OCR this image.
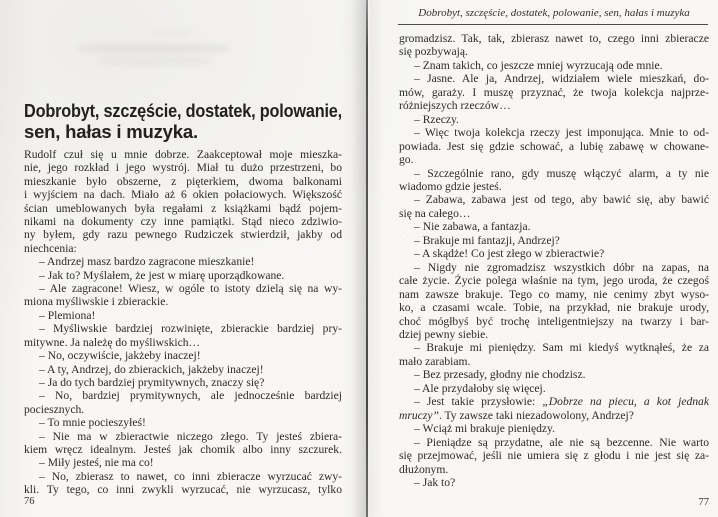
Dobrobyt, szczęście, dostatek, polowanie,
sen, hałas i muzyka.
Rudolf czuł się u mnie dobrze. Zaakceptował moje mieszka-
nie, jego rozkład i jego wystrój. Miał tu dużo przestrzeni, bo
mieszkanie było obszerne, z pięterkiem, dwoma balkonami
i wyjściem na dach. Miało aż 6 okien połaciowych. Większość
ścian umeblowanych była regałami z książkami bądź pojem-
nikami na dokumenty czy inne pamiątki. Stąd nieco zdziwio-
ny byłem, gdy razu pewnego Rudziczek stwierdził, jakby od
niechcenia:
– Andrzej masz bardzo zagracone mieszkanie!
– Jak to? Myślałem, że jest w miarę uporządkowane.
– Ale zagracone! Wiesz, w ogóle to istoty dzielą się na wy-
miona myśliwskie i zbierackie.
– Plemiona!
– Myśliwskie bardziej rozwinięte, zbierackie bardziej pry-
mitywne. Ja należę do myśliwskich…
– No, oczywiście, jakżeby inaczej!
– A ty, Andrzej, do zbierackich, jakżeby inaczej!
– Ja do tych bardziej prymitywnych, znaczy się?
– No, bardziej prymitywnych, ale jednocześnie bardziej
pociesznych.
– To mnie pocieszyłeś!
– Nie ma w zbieractwie niczego złego. Ty jesteś zbiera-
kiem wręcz idealnym. Jesteś jak chomik albo inny szczurek.
– Miły jesteś, nie ma co!
– No, zbierasz to nawet, co inni zbieracze wyrzucać zwy-
kli. Ty tego, co inni zwykli wyrzucać, nie wyrzucasz, tylko
76
Dobrobyt, szczęście, dostatek, polowanie, sen, hałas i muzyka
gromadzisz. Tak, tak, zbierasz nawet to, czego inni zbieracze
się pozbywają.
– Znam takich, co jeszcze mniej wyrzucają ode mnie.
– Jasne. Ale ja, Andrzej, widziałem wiele mieszkań, do-
mów, garaży. I muszę przyznać, że twoja kolekcja najprze-
różniejszych rzeczów…
– Rzeczy.
– Więc twoja kolekcja rzeczy jest imponująca. Mnie to od-
powiada. Jest się gdzie schować, a lubię zabawę w chowane-
go.
– Szczególnie rano, gdy muszę włączyć alarm, a ty nie
wiadomo gdzie jesteś.
– Zabawa, zabawa jest od tego, aby bawić się, aby bawić
się na całego…
– Nie zabawa, a fantazja.
– Brakuje mi fantazji, Andrzej?
– A skądże! Co jest złego w zbieractwie?
– Nigdy nie zgromadzisz wszystkich dóbr na zapas, na
całe życie. Życie polega właśnie na tym, jego uroda, że czegoś
nam zawsze brakuje. Tego co mamy, nie cenimy zbyt wyso-
ko, a czasami wcale. Tobie, na przykład, nie brakuje urody,
choć mógłbyś być trochę inteligentniejszy na twarzy i bar-
dziej pewny siebie.
– Brakuje mi pieniędzy. Sam mi kiedyś wytknąłeś, że za
mało zarabiam.
– Bez przesady, głodny nie chodzisz.
– Ale przydałoby się więcej.
– Jest takie przysłowie: „Dobrze na piecu, a kot jednak
mruczy”. Ty zawsze taki niezadowolony, Andrzej?
– Wciąż mi brakuje pieniędzy.
– Pieniądze są przydatne, ale nie są bezcenne. Nie warto
się przejmować, jeśli nie umiera się z głodu i nie jest się za-
dłużonym.
– Jak to?
77
